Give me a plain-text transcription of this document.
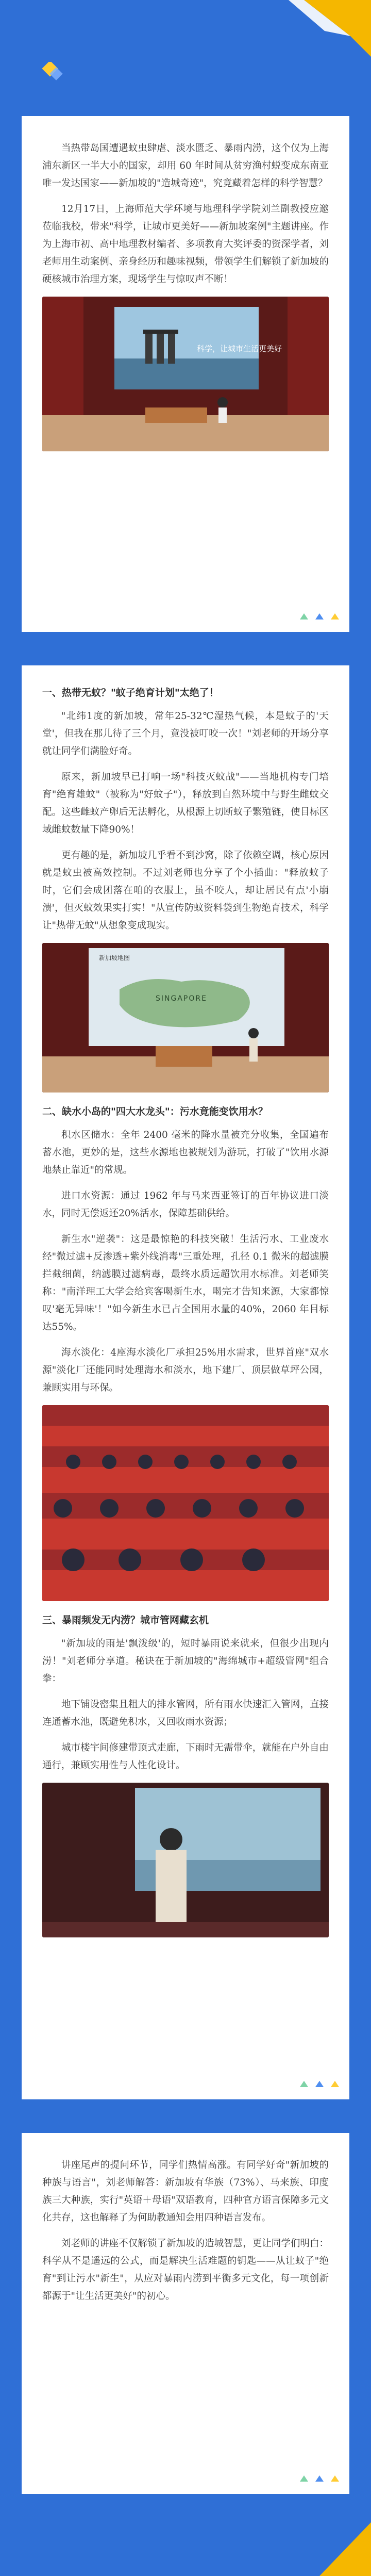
当热带岛国遭遇蚊虫肆虐、淡水匮乏、暴雨内涝，这个仅为上海浦东新区一半大小的国家，却用 60 年时间从贫穷渔村蜕变成东南亚唯一发达国家——新加坡的"造城奇迹"，究竟藏着怎样的科学智慧？

12月17日，上海师范大学环境与地理科学学院刘兰副教授应邀莅临我校，带来"科学，让城市更美好——新加坡案例"主题讲座。作为上海市初、高中地理教材编者、多项教育大奖评委的资深学者，刘老师用生动案例、亲身经历和趣味视频，带领学生们解锁了新加坡的硬核城市治理方案，现场学生与惊叹声不断！

科学，让城市生活更美好
一、热带无蚊？"蚊子绝育计划"太绝了！

"北纬1度的新加坡，常年25-32℃湿热气候，本是蚊子的'天堂'，但我在那儿待了三个月，竟没被叮咬一次！"刘老师的开场分享就让同学们满脸好奇。

原来，新加坡早已打响一场"科技灭蚊战"——当地机构专门培育"绝育雄蚊"（被称为"好蚊子"），释放到自然环境中与野生雌蚊交配。这些雌蚊产卵后无法孵化，从根源上切断蚊子繁殖链，使目标区域雌蚊数量下降90%！

更有趣的是，新加坡几乎看不到沙窝，除了依赖空调，核心原因就是蚊虫被高效控制。不过刘老师也分享了个小插曲："释放蚊子时，它们会成团落在咱的衣服上，虽不咬人，却让居民有点'小崩溃'，但灭蚊效果实打实！"从宣传防蚊资料袋到生物绝育技术，科学让"热带无蚊"从想象变成现实。

新加坡地图
SINGAPORE
二、缺水小岛的"四大水龙头"：污水竟能变饮用水？

积水区储水：全年 2400 毫米的降水量被充分收集，全国遍布蓄水池，更妙的是，这些水源地也被规划为游玩，打破了"饮用水源地禁止靠近"的常规。

进口水资源：通过 1962 年与马来西亚签订的百年协议进口淡水，同时无偿返还20%活水，保障基础供给。

新生水"逆袭"：这是最惊艳的科技突破！生活污水、工业废水经"微过滤+反渗透+紫外线消毒"三重处理，孔径 0.1 微米的超滤膜拦截细菌，纳滤膜过滤病毒，最终水质远超饮用水标准。刘老师笑称："南洋理工大学会给宾客喝新生水，喝完才告知来源，大家都惊叹'毫无异味'！"如今新生水已占全国用水量的40%，2060 年目标达55%。

海水淡化：4座海水淡化厂承担25%用水需求，世界首座"双水源"淡化厂还能同时处理海水和淡水，地下建厂、顶层做草坪公园，兼顾实用与环保。

三、暴雨频发无内涝？城市管网藏玄机

"新加坡的雨是'飘泼级'的，短时暴雨说来就来，但很少出现内涝！"刘老师分享道。秘诀在于新加坡的"海绵城市+超级管网"组合拳：

地下铺设密集且粗大的排水管网，所有雨水快速汇入管网，直接连通蓄水池，既避免积水，又回收雨水资源；

城市楼宇间修建带顶式走廊，下雨时无需带伞，就能在户外自由通行，兼顾实用性与人性化设计。

讲座尾声的提问环节，同学们热情高涨。有同学好奇"新加坡的种族与语言"，刘老师解答：新加坡有华族（73%）、马来族、印度族三大种族，实行"英语＋母语"双语教育，四种官方语言保障多元文化共存，这也解释了为何助教通知会用四种语言发布。

刘老师的讲座不仅解锁了新加坡的造城智慧，更让同学们明白：科学从不是遥远的公式，而是解决生活难题的钥匙——从让蚊子"绝育"到让污水"新生"，从应对暴雨内涝到平衡多元文化，每一项创新都源于"让生活更美好"的初心。
